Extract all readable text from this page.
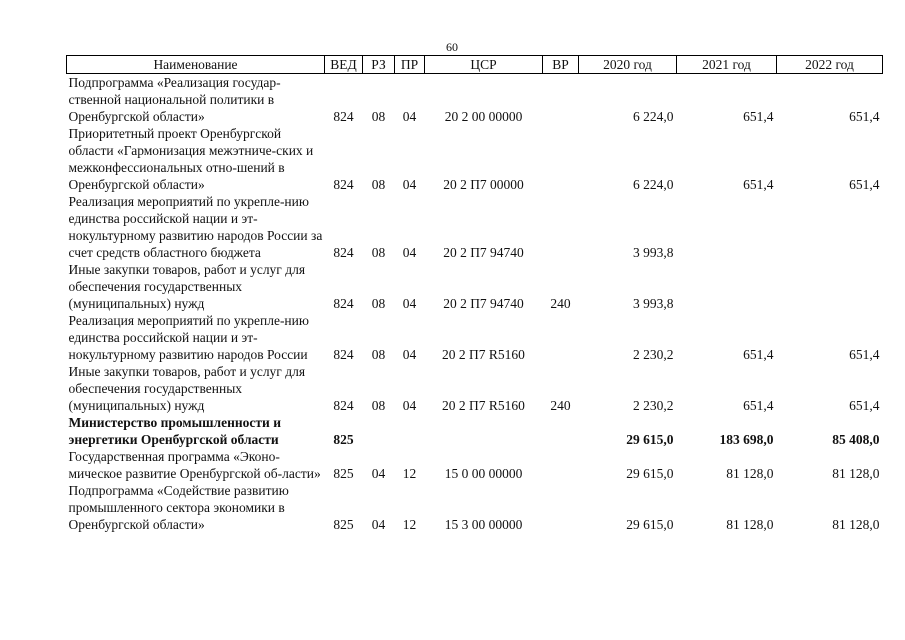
60
Наименование	ВЕД	РЗ	ПР	ЦСР	ВР	2020 год	2021 год	2022 год
Подпрограмма «Реализация государ-ственной национальной политики в Оренбургской области»	824	08	04	20 2 00 00000		6 224,0	651,4	651,4
Приоритетный проект Оренбургской области «Гармонизация межэтниче-ских и межконфессиональных отно-шений в Оренбургской области»	824	08	04	20 2 П7 00000		6 224,0	651,4	651,4
Реализация мероприятий по укрепле-нию единства российской нации и эт-нокультурному развитию народов России за счет средств областного бюджета	824	08	04	20 2 П7 94740		3 993,8		
Иные закупки товаров, работ и услуг для обеспечения государственных (муниципальных) нужд	824	08	04	20 2 П7 94740	240	3 993,8		
Реализация мероприятий по укрепле-нию единства российской нации и эт-нокультурному развитию народов России	824	08	04	20 2 П7 R5160		2 230,2	651,4	651,4
Иные закупки товаров, работ и услуг для обеспечения государственных (муниципальных) нужд	824	08	04	20 2 П7 R5160	240	2 230,2	651,4	651,4
Министерство промышленности и энергетики Оренбургской области	825					29 615,0	183 698,0	85 408,0
Государственная программа «Эконо-мическое развитие Оренбургской об-ласти»	825	04	12	15 0 00 00000		29 615,0	81 128,0	81 128,0
Подпрограмма «Содействие развитию промышленного сектора экономики в Оренбургской области»	825	04	12	15 3 00 00000		29 615,0	81 128,0	81 128,0
